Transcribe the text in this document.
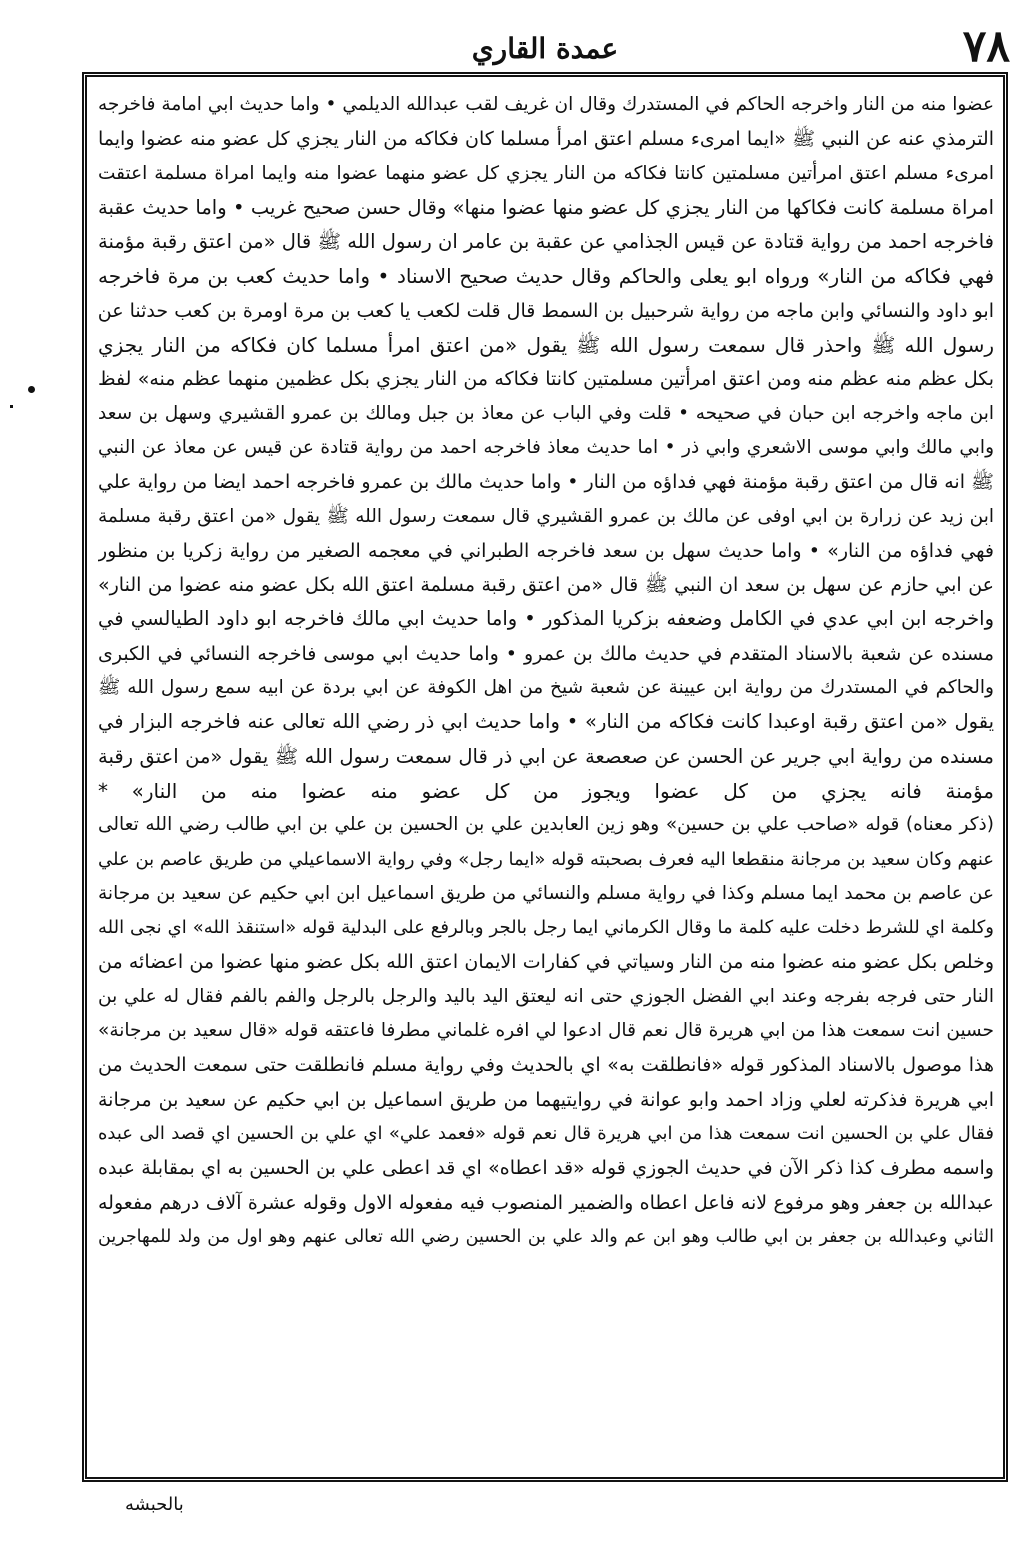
٧٨
عمدة القاري
عضوا منه من النار واخرجه الحاكم في المستدرك وقال ان غريف لقب عبدالله الديلمي • واما حديث ابي امامة فاخرجه
الترمذي عنه عن النبي ﷺ «ايما امرىء مسلم اعتق امرأ مسلما كان فكاكه من النار يجزي كل عضو منه عضوا وايما
امرىء مسلم اعتق امرأتين مسلمتين كانتا فكاكه من النار يجزي كل عضو منهما عضوا منه وايما امراة مسلمة اعتقت
امراة مسلمة كانت فكاكها من النار يجزي كل عضو منها عضوا منها» وقال حسن صحيح غريب • واما حديث عقبة
فاخرجه احمد من رواية قتادة عن قيس الجذامي عن عقبة بن عامر ان رسول الله ﷺ قال «من اعتق رقبة مؤمنة
فهي فكاكه من النار» ورواه ابو يعلى والحاكم وقال حديث صحيح الاسناد • واما حديث كعب بن مرة فاخرجه
ابو داود والنسائي وابن ماجه من رواية شرحبيل بن السمط قال قلت لكعب يا كعب بن مرة اومرة بن كعب حدثنا عن
رسول الله ﷺ واحذر قال سمعت رسول الله ﷺ يقول «من اعتق امرأ مسلما كان فكاكه من النار يجزي
بكل عظم منه عظم منه ومن اعتق امرأتين مسلمتين كانتا فكاكه من النار يجزي بكل عظمين منهما عظم منه» لفظ
ابن ماجه واخرجه ابن حبان في صحيحه • قلت وفي الباب عن معاذ بن جبل ومالك بن عمرو القشيري وسهل بن سعد
وابي مالك وابي موسى الاشعري وابي ذر • اما حديث معاذ فاخرجه احمد من رواية قتادة عن قيس عن معاذ عن النبي
ﷺ انه قال من اعتق رقبة مؤمنة فهي فداؤه من النار • واما حديث مالك بن عمرو فاخرجه احمد ايضا من رواية علي
ابن زيد عن زرارة بن ابي اوفى عن مالك بن عمرو القشيري قال سمعت رسول الله ﷺ يقول «من اعتق رقبة مسلمة
فهي فداؤه من النار» • واما حديث سهل بن سعد فاخرجه الطبراني في معجمه الصغير من رواية زكريا بن منظور
عن ابي حازم عن سهل بن سعد ان النبي ﷺ قال «من اعتق رقبة مسلمة اعتق الله بكل عضو منه عضوا من النار»
واخرجه ابن ابي عدي في الكامل وضعفه بزكريا المذكور • واما حديث ابي مالك فاخرجه ابو داود الطيالسي في
مسنده عن شعبة بالاسناد المتقدم في حديث مالك بن عمرو • واما حديث ابي موسى فاخرجه النسائي في الكبرى
والحاكم في المستدرك من رواية ابن عيينة عن شعبة شيخ من اهل الكوفة عن ابي بردة عن ابيه سمع رسول الله ﷺ
يقول «من اعتق رقبة اوعبدا كانت فكاكه من النار» • واما حديث ابي ذر رضي الله تعالى عنه فاخرجه البزار في
مسنده من رواية ابي جرير عن الحسن عن صعصعة عن ابي ذر قال سمعت رسول الله ﷺ يقول «من اعتق رقبة
مؤمنة فانه يجزي من كل عضوا ويجوز من كل عضو منه عضوا منه من النار» *
(ذكر معناه) قوله «صاحب علي بن حسين» وهو زين العابدين علي بن الحسين بن علي بن ابي طالب رضي الله تعالى
عنهم وكان سعيد بن مرجانة منقطعا اليه فعرف بصحبته قوله «ايما رجل» وفي رواية الاسماعيلي من طريق عاصم بن علي
عن عاصم بن محمد ايما مسلم وكذا في رواية مسلم والنسائي من طريق اسماعيل ابن ابي حكيم عن سعيد بن مرجانة
وكلمة اي للشرط دخلت عليه كلمة ما وقال الكرماني ايما رجل بالجر وبالرفع على البدلية قوله «استنقذ الله» اي نجى الله
وخلص بكل عضو منه عضوا منه من النار وسياتي في كفارات الايمان اعتق الله بكل عضو منها عضوا من اعضائه من
النار حتى فرجه بفرجه وعند ابي الفضل الجوزي حتى انه ليعتق اليد باليد والرجل بالرجل والفم بالفم فقال له علي بن
حسين انت سمعت هذا من ابي هريرة قال نعم قال ادعوا لي افره غلماني مطرفا فاعتقه قوله «قال سعيد بن مرجانة»
هذا موصول بالاسناد المذكور قوله «فانطلقت به» اي بالحديث وفي رواية مسلم فانطلقت حتى سمعت الحديث من
ابي هريرة فذكرته لعلي وزاد احمد وابو عوانة في روايتيهما من طريق اسماعيل بن ابي حكيم عن سعيد بن مرجانة
فقال علي بن الحسين انت سمعت هذا من ابي هريرة قال نعم قوله «فعمد علي» اي علي بن الحسين اي قصد الى عبده
واسمه مطرف كذا ذكر الآن في حديث الجوزي قوله «قد اعطاه» اي قد اعطى علي بن الحسين به اي بمقابلة عبده
عبدالله بن جعفر وهو مرفوع لانه فاعل اعطاه والضمير المنصوب فيه مفعوله الاول وقوله عشرة آلاف درهم مفعوله
الثاني وعبدالله بن جعفر بن ابي طالب وهو ابن عم والد علي بن الحسين رضي الله تعالى عنهم وهو اول من ولد للمهاجرين
بالحبشه
